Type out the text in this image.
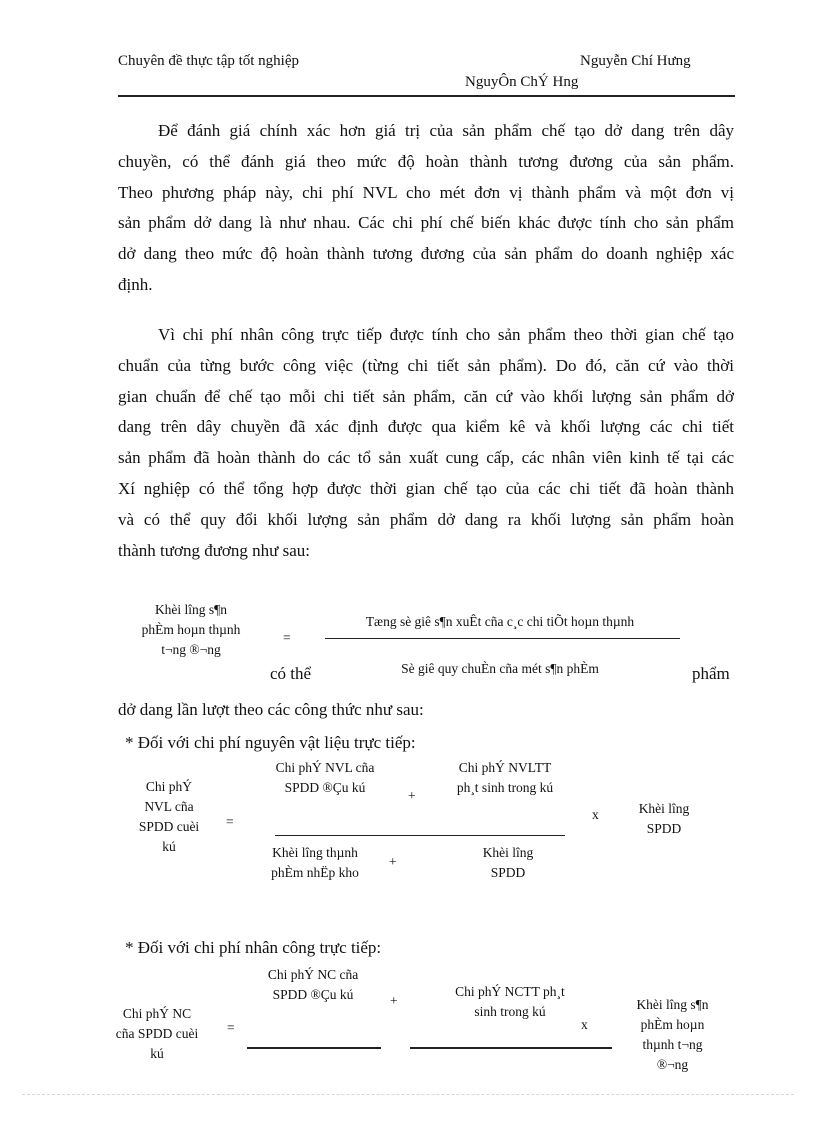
Chuyên đề thực tập tốt nghiệp	Nguyễn Chí Hưng
NguyÔn ChÝ Hng
Để đánh giá chính xác hơn giá trị của sản phẩm chế tạo dở dang trên dây
chuyền, có thể đánh giá theo mức độ hoàn thành tương đương của sản phẩm.
Theo phương pháp này, chi phí NVL cho mét đơn vị thành phẩm và một đơn vị
sản phẩm dở dang là như nhau. Các chi phí chế biến khác được tính cho sản phẩm
dở dang theo mức độ hoàn thành tương đương của sản phẩm do doanh nghiệp xác
định.
Vì chi phí nhân công trực tiếp được tính cho sản phẩm theo thời gian chế tạo
chuẩn của từng bước công việc (từng chi tiết sản phẩm). Do đó, căn cứ vào thời
gian chuẩn để chế tạo mỗi chi tiết sản phẩm, căn cứ vào khối lượng sản phẩm dở
dang trên dây chuyền đã xác định được qua kiểm kê và khối lượng các chi tiết
sản phẩm đã hoàn thành do các tổ sản xuất cung cấp, các nhân viên kinh tế tại các
Xí nghiệp có thể tổng hợp được thời gian chế tạo của các chi tiết đã hoàn thành
và có thể quy đổi khối lượng sản phẩm dở dang ra khối lượng sản phẩm hoàn
thành tương đương như sau:
Khèi lîng s¶n
phÈm hoµn thµnh
t¬ng ®¬ng
=
Tæng sè giê s¶n xuÊt cña c¸c chi tiÕt hoµn thµnh
Sè giê quy chuÈn cña mét s¶n phÈm
có thể	phẩm
dở dang lần lượt theo các công thức như sau:
* Đối với chi phí nguyên vật liệu trực tiếp:
Chi phÝ
NVL cña
SPDD cuèi
kú
=
Chi phÝ NVL cña
SPDD ®Çu kú
+
Chi phÝ NVLTT
ph¸t sinh trong kú
Khèi lîng thµnh
phÈm nhËp kho
+
Khèi lîng
SPDD
x	Khèi lîng
SPDD
* Đối với chi phí nhân công trực tiếp:
Chi phÝ NC
cña SPDD cuèi
kú
=
Chi phÝ NC cña
SPDD ®Çu kú	+
Chi phÝ NCTT ph¸t
sinh trong kú
x
Khèi lîng s¶n
phÈm hoµn
thµnh t¬ng
®¬ng
